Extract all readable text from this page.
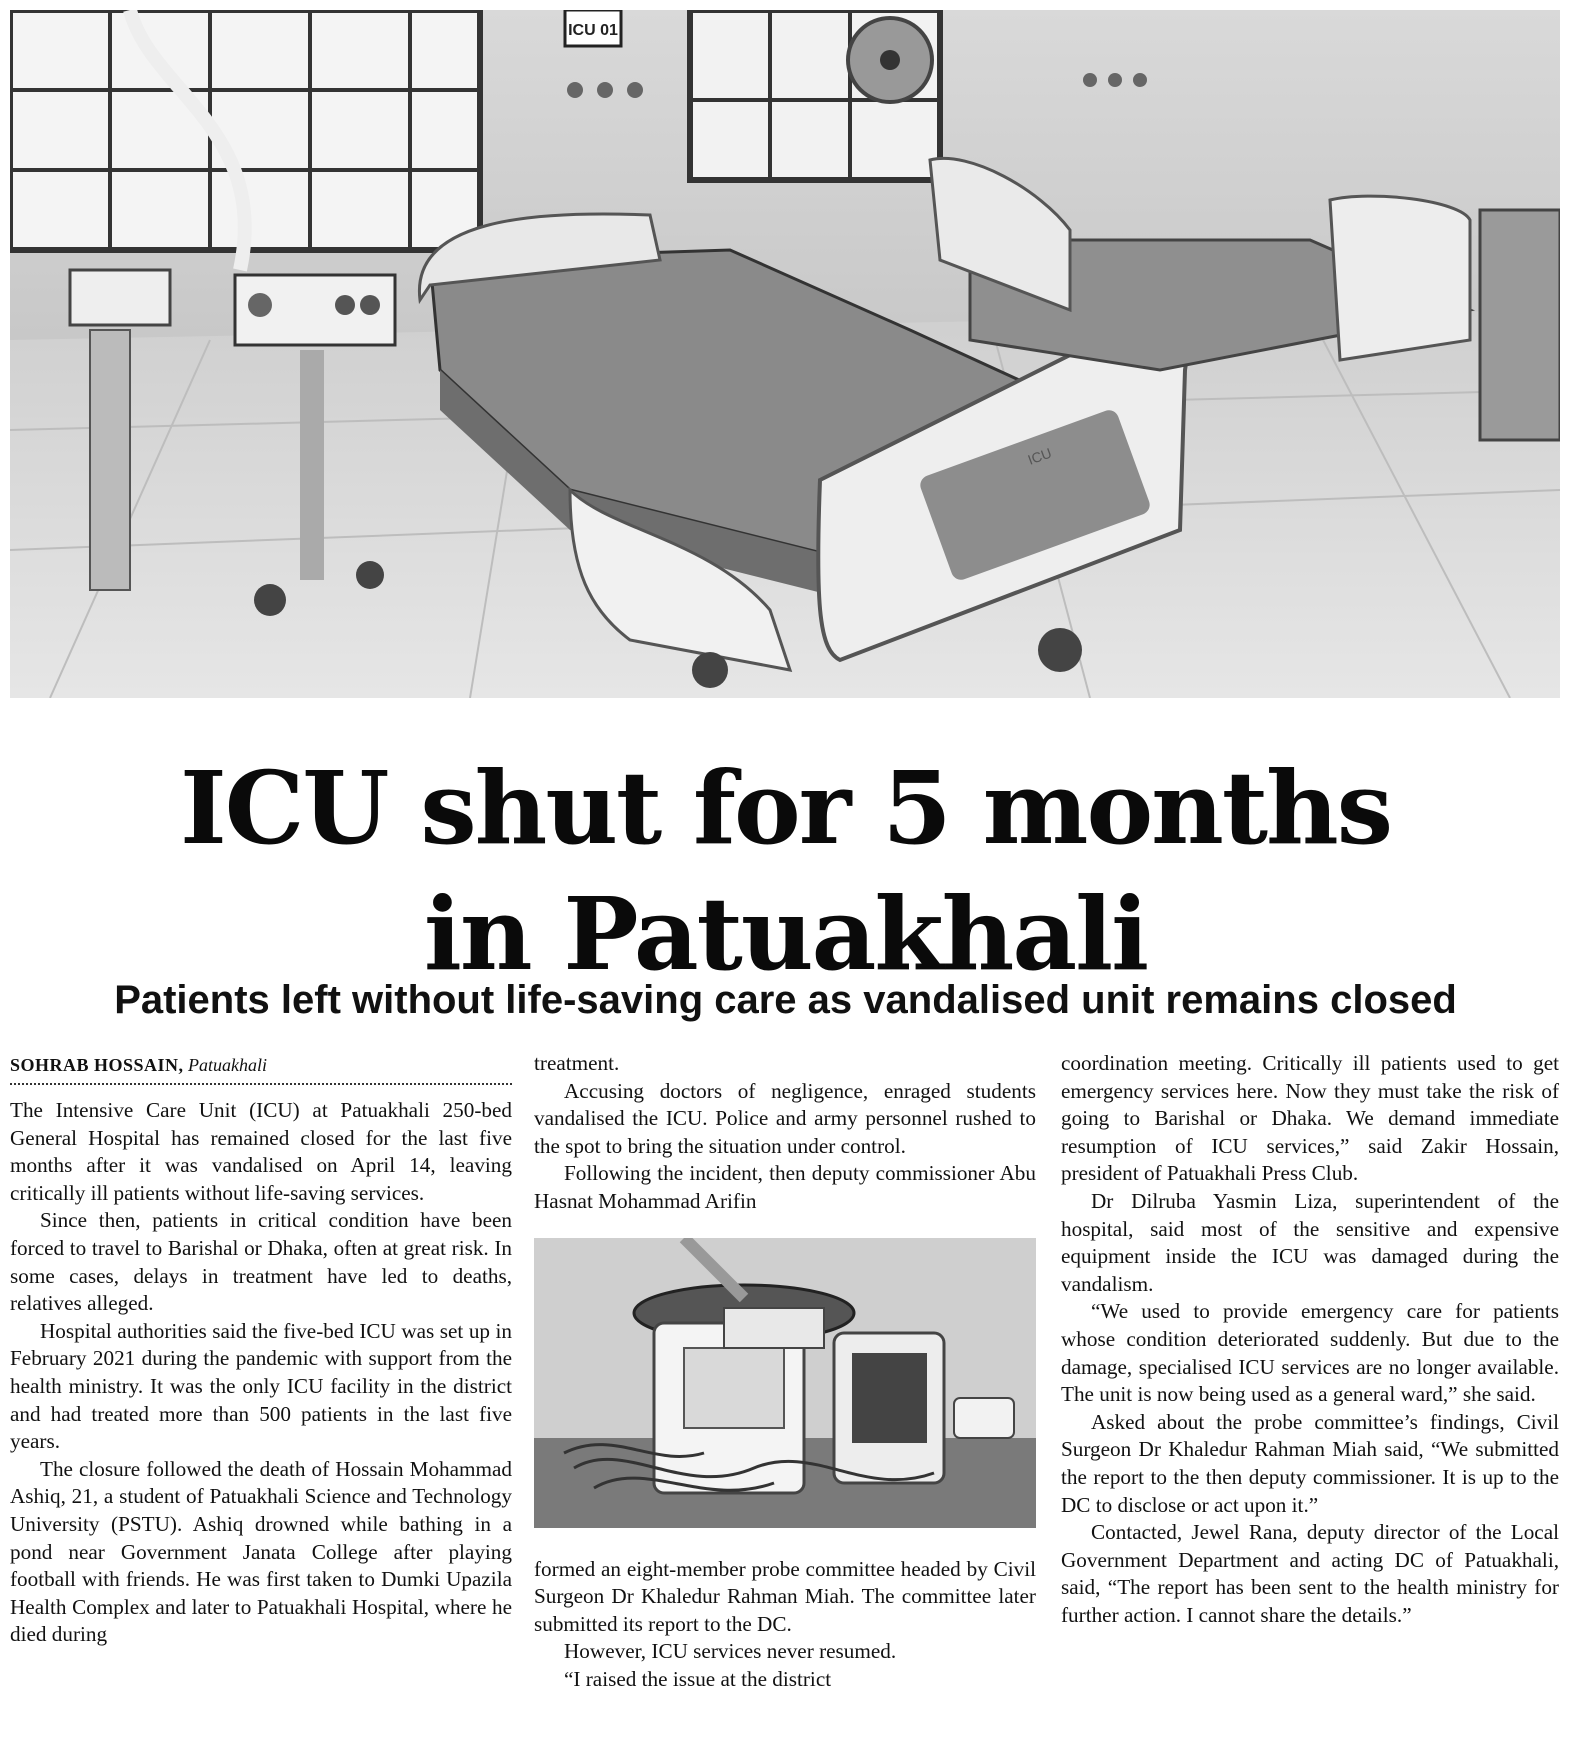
ICU 01
ICU
ICU shut for 5 months
in Patuakhali
Patients left without life-saving care as vandalised unit remains closed
SOHRAB HOSSAIN, Patuakhali

The Intensive Care Unit (ICU) at Patuakhali 250-bed General Hospital has remained closed for the last five months after it was vandalised on April 14, leaving critically ill patients without life-saving services.

Since then, patients in critical condition have been forced to travel to Barishal or Dhaka, often at great risk. In some cases, delays in treatment have led to deaths, relatives alleged.

Hospital authorities said the five-bed ICU was set up in February 2021 during the pandemic with support from the health ministry. It was the only ICU facility in the district and had treated more than 500 patients in the last five years.

The closure followed the death of Hossain Mohammad Ashiq, 21, a student of Patuakhali Science and Technology University (PSTU). Ashiq drowned while bathing in a pond near Government Janata College after playing football with friends. He was first taken to Dumki Upazila Health Complex and later to Patuakhali Hospital, where he died during

treatment.

Accusing doctors of negligence, enraged students vandalised the ICU. Police and army personnel rushed to the spot to bring the situation under control.

Following the incident, then deputy commissioner Abu Hasnat Mohammad Arifin

formed an eight-member probe committee headed by Civil Surgeon Dr Khaledur Rahman Miah. The committee later submitted its report to the DC.

However, ICU services never resumed.

“I raised the issue at the district

coordination meeting. Critically ill patients used to get emergency services here. Now they must take the risk of going to Barishal or Dhaka. We demand immediate resumption of ICU services,” said Zakir Hossain, president of Patuakhali Press Club.

Dr Dilruba Yasmin Liza, superintendent of the hospital, said most of the sensitive and expensive equipment inside the ICU was damaged during the vandalism.

“We used to provide emergency care for patients whose condition deteriorated suddenly. But due to the damage, specialised ICU services are no longer available. The unit is now being used as a general ward,” she said.

Asked about the probe committee’s findings, Civil Surgeon Dr Khaledur Rahman Miah said, “We submitted the report to the then deputy commissioner. It is up to the DC to disclose or act upon it.”

Contacted, Jewel Rana, deputy director of the Local Government Department and acting DC of Patuakhali, said, “The report has been sent to the health ministry for further action. I cannot share the details.”
